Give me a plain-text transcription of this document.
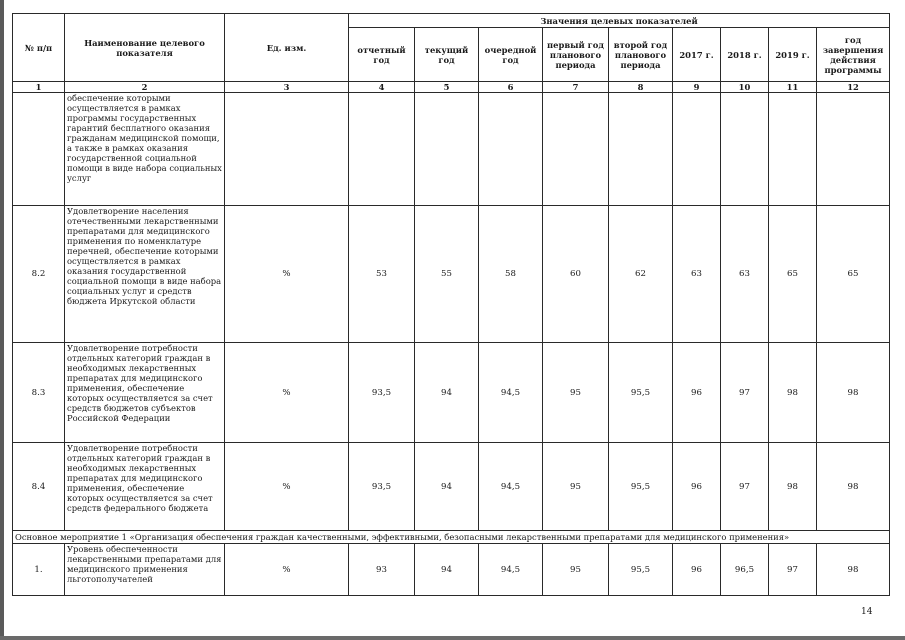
№ п/п	Наименование целевого показателя	Ед. изм.	Значения целевых показателей								
			отчетный год	текущий год	очередной год	первый год планового периода	второй год планового периода	2017 г.	2018 г.	2019 г.	год завершения действия программы
1	2	3	4	5	6	7	8	9	10	11	12
	обеспечение которыми осуществляется в рамках программы государственных гарантий бесплатного оказания гражданам медицинской помощи, а также в рамках оказания государственной социальной помощи в виде набора социальных услуг										
8.2	Удовлетворение населения отечественными лекарственными препаратами для медицинского применения по номенклатуре перечней, обеспечение которыми осуществляется в рамках оказания государственной социальной помощи в виде набора социальных услуг и средств бюджета Иркутской области	%	53	55	58	60	62	63	63	65	65
8.3	Удовлетворение потребности отдельных категорий граждан в необходимых лекарственных препаратах для медицинского применения, обеспечение которых осуществляется за счет средств бюджетов субъектов Российской Федерации	%	93,5	94	94,5	95	95,5	96	97	98	98
8.4	Удовлетворение потребности отдельных категорий граждан в необходимых лекарственных препаратах для медицинского применения, обеспечение которых осуществляется за счет средств федерального бюджета	%	93,5	94	94,5	95	95,5	96	97	98	98
Основное мероприятие 1 «Организация обеспечения граждан качественными, эффективными, безопасными лекарственными препаратами для медицинского применения»											
1.	Уровень обеспеченности лекарственными препаратами для медицинского применения льготополучателей	%	93	94	94,5	95	95,5	96	96,5	97	98
14
